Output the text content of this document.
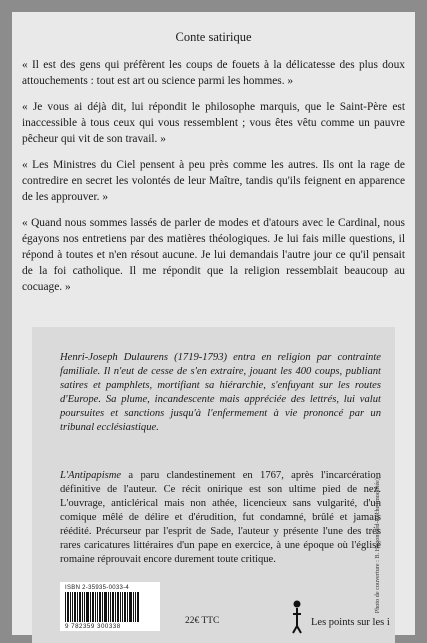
Conte satirique

« Il est des gens qui préfèrent les coups de fouets à la délicatesse des plus doux attouchements : tout est art ou science parmi les hommes. »

« Je vous ai déjà dit, lui répondit le philosophe marquis, que le Saint-Père est inaccessible à tous ceux qui vous ressemblent ; vous êtes vêtu comme un pauvre pêcheur qui vit de son travail. »

« Les Ministres du Ciel pensent à peu près comme les autres. Ils ont la rage de contredire en secret les volontés de leur Maître, tandis qu'ils feignent en apparence de les approuver. »

« Quand nous sommes lassés de parler de modes et d'atours avec le Cardinal, nous égayons nos entretiens par des matières théologiques. Je lui fais mille questions, il répond à toutes et n'en résout aucune. Je lui demandais l'autre jour ce qu'il pensait de la foi catholique. Il me répondit que la religion ressemblait beaucoup au cocuage. »

Henri-Joseph Dulaurens (1719-1793) entra en religion par contrainte familiale. Il n'eut de cesse de s'en extraire, jouant les 400 coups, publiant satires et pamphlets, mortifiant sa hiérarchie, s'enfuyant sur les routes d'Europe. Sa plume, incandescente mais appréciée des lettrés, lui valut poursuites et sanctions jusqu'à l'enfermement à vie prononcé par un tribunal ecclésiastique.
L'Antipapisme a paru clandestinement en 1767, après l'incarcération définitive de l'auteur. Ce récit onirique est son ultime pied de nez. L'ouvrage, anticlérical mais non athée, licencieux sans vulgarité, d'un comique mêlé de délire et d'érudition, fut condamné, brûlé et jamais réédité. Précurseur par l'esprit de Sade, l'auteur y présente l'une des très rares caricatures littéraires d'un pape en exercice, à une époque où l'église romaine réprouvait encore durement toute critique.	Photo de couverture : B. Hugonnard-Roche (modifiée)
ISBN 2-35935-0033-4
9 782359 300338
22€ TTC	Les points sur les i
